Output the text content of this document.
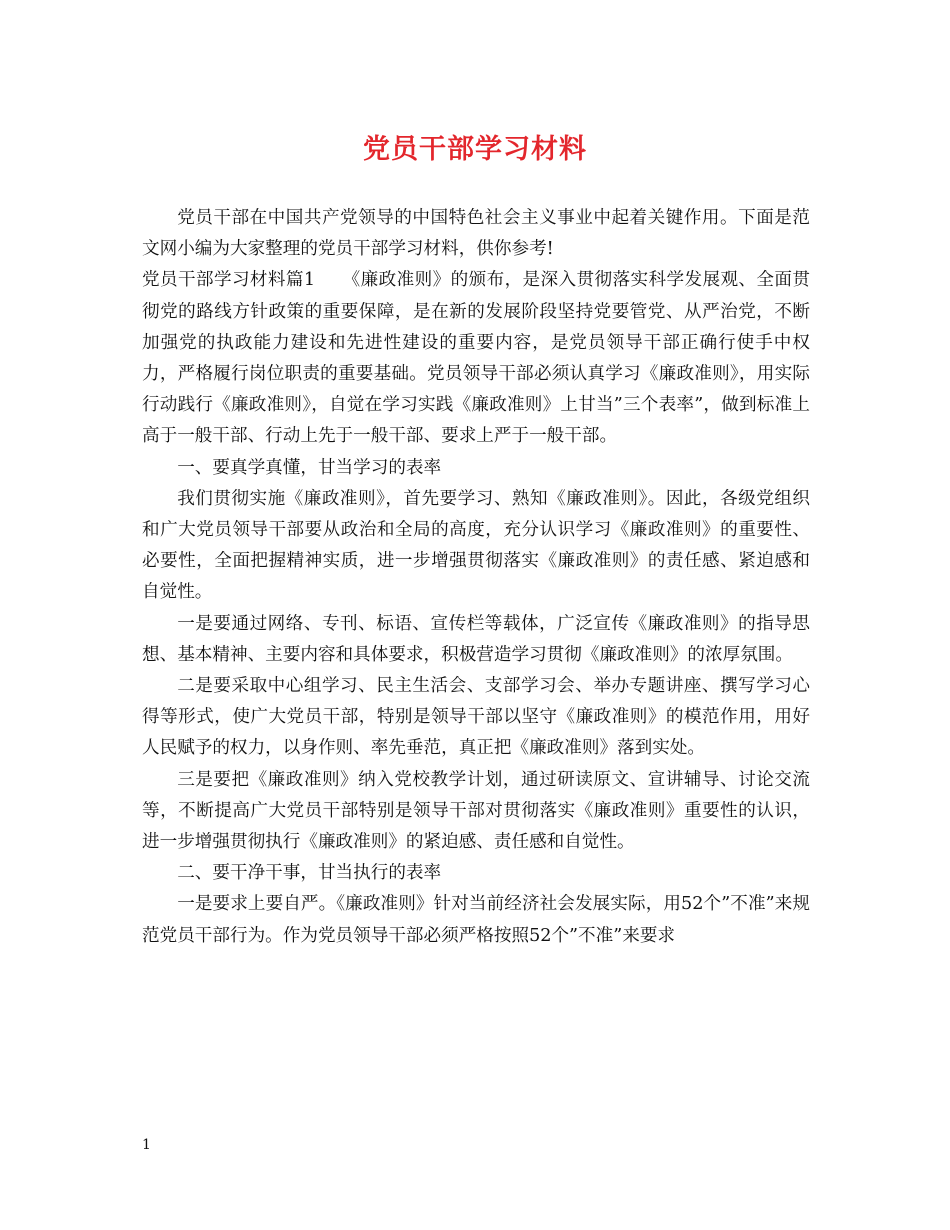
党员干部学习材料

党员干部在中国共产党领导的中国特色社会主义事业中起着关键作用。下面是范文网小编为大家整理的党员干部学习材料，供你参考!

党员干部学习材料篇1　　《廉政准则》的颁布，是深入贯彻落实科学发展观、全面贯彻党的路线方针政策的重要保障，是在新的发展阶段坚持党要管党、从严治党，不断加强党的执政能力建设和先进性建设的重要内容，是党员领导干部正确行使手中权力，严格履行岗位职责的重要基础。党员领导干部必须认真学习《廉政准则》，用实际行动践行《廉政准则》，自觉在学习实践《廉政准则》上甘当”三个表率”，做到标准上高于一般干部、行动上先于一般干部、要求上严于一般干部。

一、要真学真懂，甘当学习的表率

我们贯彻实施《廉政准则》，首先要学习、熟知《廉政准则》。因此，各级党组织和广大党员领导干部要从政治和全局的高度，充分认识学习《廉政准则》的重要性、必要性，全面把握精神实质，进一步增强贯彻落实《廉政准则》的责任感、紧迫感和自觉性。

一是要通过网络、专刊、标语、宣传栏等载体，广泛宣传《廉政准则》的指导思想、基本精神、主要内容和具体要求，积极营造学习贯彻《廉政准则》的浓厚氛围。

二是要采取中心组学习、民主生活会、支部学习会、举办专题讲座、撰写学习心得等形式，使广大党员干部，特别是领导干部以坚守《廉政准则》的模范作用，用好人民赋予的权力，以身作则、率先垂范，真正把《廉政准则》落到实处。

三是要把《廉政准则》纳入党校教学计划，通过研读原文、宣讲辅导、讨论交流等，不断提高广大党员干部特别是领导干部对贯彻落实《廉政准则》重要性的认识，进一步增强贯彻执行《廉政准则》的紧迫感、责任感和自觉性。

二、要干净干事，甘当执行的表率

一是要求上要自严。《廉政准则》针对当前经济社会发展实际，用52个”不准”来规范党员干部行为。作为党员领导干部必须严格按照52个”不准”来要求

1
